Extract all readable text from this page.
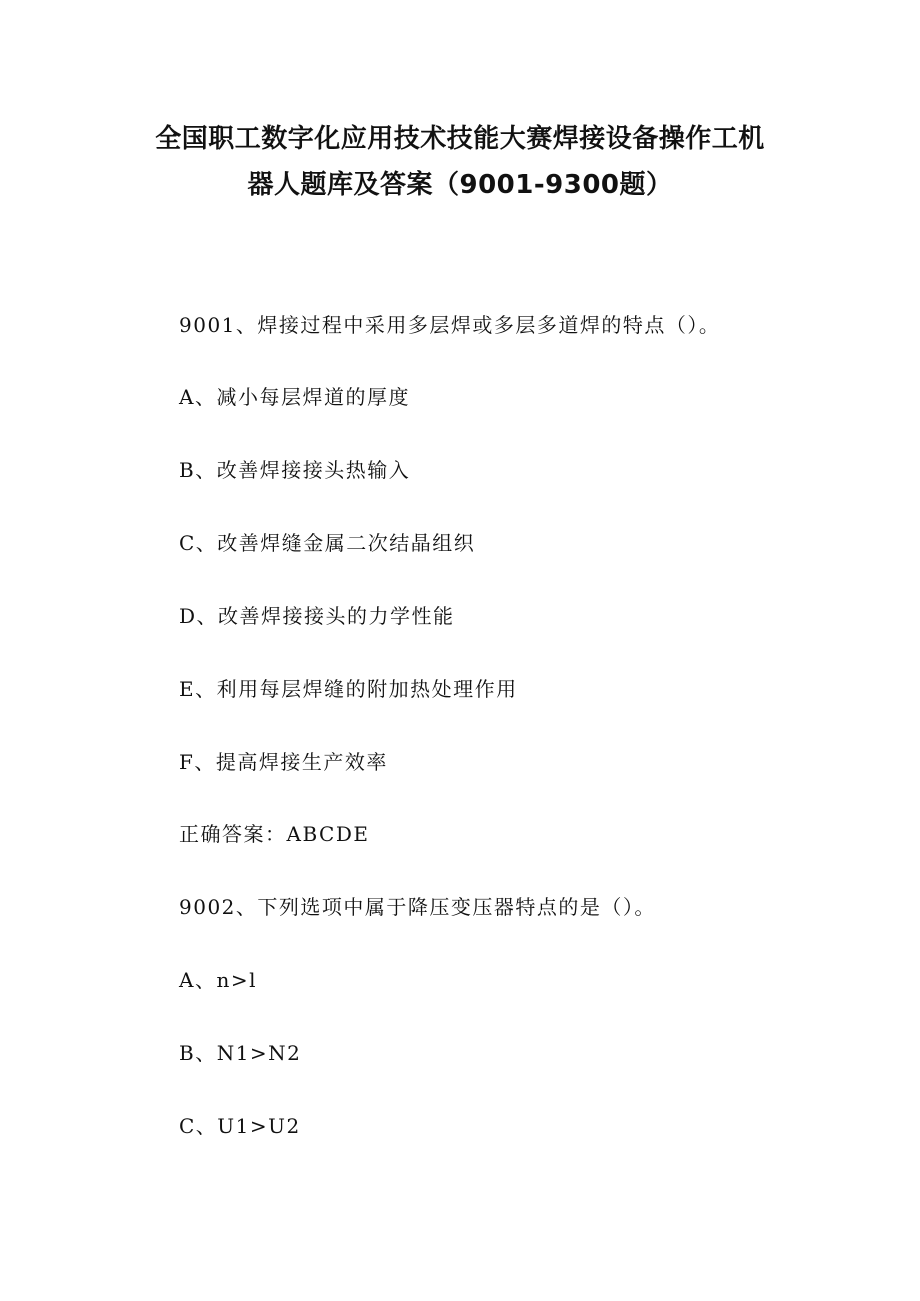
全国职工数字化应用技术技能大赛焊接设备操作工机
器人题库及答案（9001-9300题）
9001、焊接过程中采用多层焊或多层多道焊的特点（）。
A、减小每层焊道的厚度
B、改善焊接接头热输入
C、改善焊缝金属二次结晶组织
D、改善焊接接头的力学性能
E、利用每层焊缝的附加热处理作用
F、提高焊接生产效率
正确答案：ABCDE
9002、下列选项中属于降压变压器特点的是（）。
A、n>l
B、N1>N2
C、U1>U2
